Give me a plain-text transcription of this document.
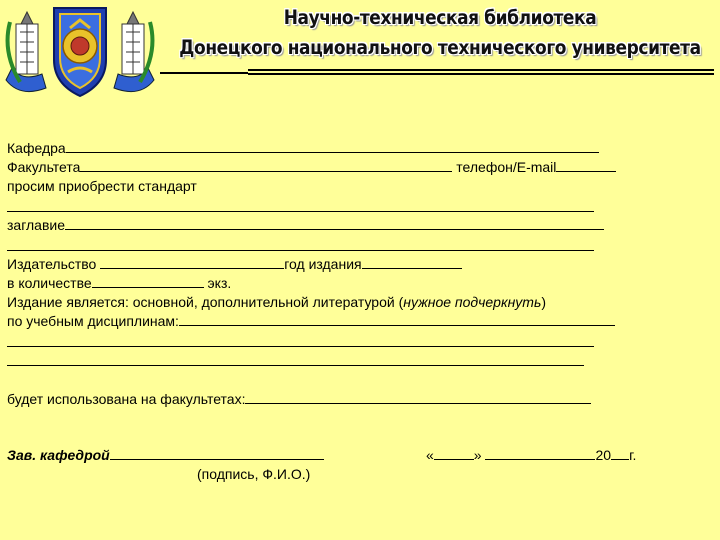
Научно-техническая библиотека
Донецкого национального технического университета
Кафедра
Факультета	телефон/E-mail
просим приобрести стандарт
заглавие
Издательство	год издания
в количестве	экз.
Издание является: основной, дополнительной литературой (нужное подчеркнуть)
по учебным дисциплинам:
будет использована на факультетах:
Зав. кафедрой	«	»	20 г.
(подпись, Ф.И.О.)
